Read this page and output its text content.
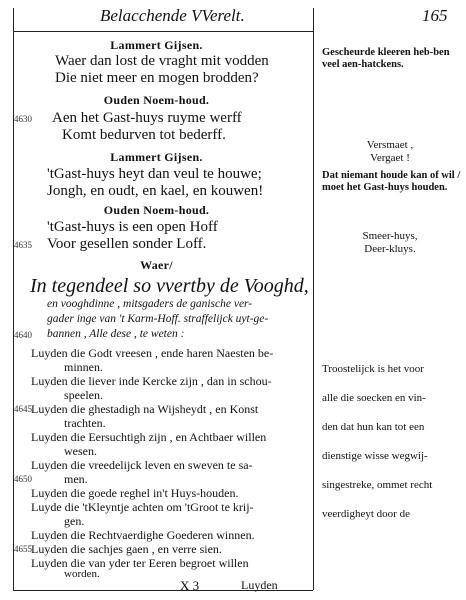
Belacchende VVerelt.	165
Lammert Gijsen.
Waer dan lost de vraght mit vodden
Die niet meer en mogen brodden?
Ouden Noem-houd.
4630 Aen het Gast-huys ruyme werff
Komt bedurven tot bederff.
Lammert Gijsen.
'tGast-huys heyt dan veul te houwe;
Jongh, en oudt, en kael, en kouwen!
Ouden Noem-houd.
'tGast-huys is een open Hoff
4635 Voor gesellen sonder Loff.
Waer/
In tegendeel so vvertby de Vooghd,
en vooghdinne , mitsgaders de ganische ver-
gader inge van 't Karm-Hoff. straffelijck uyt-ge-
4640 bannen , Alle dese , te weten :
Luyden die Godt vreesen , ende haren Naesten be-
minnen.
Luyden die liever inde Kercke zijn , dan in schou-
speelen.
4645 Luyden die ghestadigh na Wijsheydt , en Konst
trachten.
Luyden die Eersuchtigh zijn , en Achtbaer willen
wesen.
Luyden die vreedelijck leven en sweven te sa-
4650	men.
Luyden die goede reghel in't Huys-houden.
Luyde die 'tKleyntje achten om 'tGroot te krij-
gen.
Luyden die Rechtvaerdighe Goederen winnen.
4655 Luyden die sachjes gaen , en verre sien.
Luyden die van yder ter Eeren begroet willen
worden.
X 3	Luyden
Gescheurde kleeren heb-ben veel aen-hatckens.
Versmaet ,
Vergaet !
Dat niemant houde kan of wil / moet het Gast-huys houden.
Smeer-huys,
Deer-kluys.
Troostelijck is het voor
alle die soecken en vin-
den dat hun kan tot een
dienstige wisse wegwij-
singestreke, ommet recht
veerdigheyt door de
